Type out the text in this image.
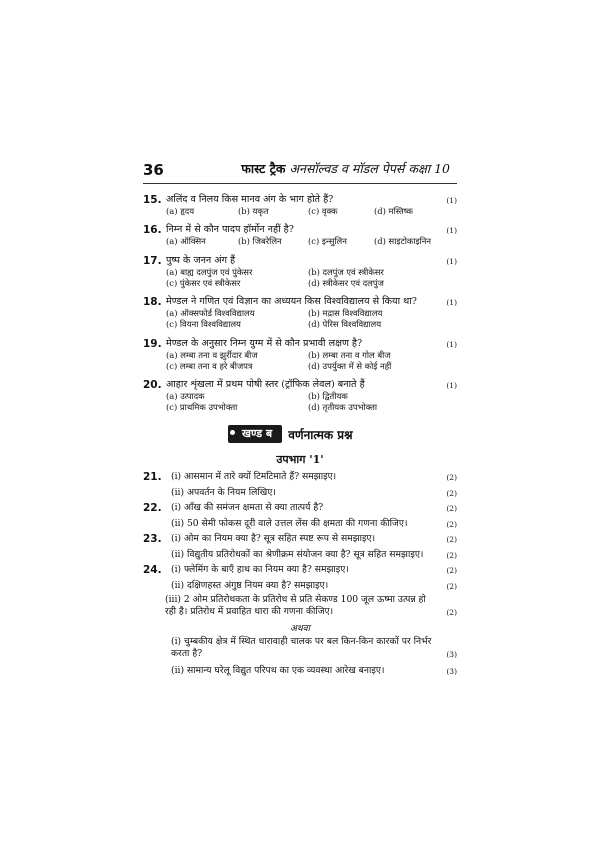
36	फास्ट ट्रैक अनसॉल्वड व मॉडल पेपर्स कक्षा 10
15. अलिंद व निलय किस मानव अंग के भाग होते हैं?	(1)
(a) हृदय	(b) यकृत	(c) वृक्क	(d) मस्तिष्क
16. निम्न में से कौन पादप हॉर्मोन नहीं है?	(1)
(a) ऑक्सिन	(b) जिबरेलिन	(c) इन्सुलिन	(d) साइटोकाइनिन
17. पुष्प के जनन अंग हैं	(1)
(a) बाह्य दलपुंज एवं पुंकेसर	(b) दलपुंज एवं स्त्रीकेसर
(c) पुंकेसर एवं स्त्रीकेसर	(d) स्त्रीकेसर एवं दलपुंज
18. मेण्डल ने गणित एवं विज्ञान का अध्ययन किस विश्वविद्यालय से किया था?	(1)
(a) ऑक्सफोर्ड विश्वविद्यालय	(b) मद्रास विश्वविद्यालय
(c) वियना विश्वविद्यालय	(d) पेरिस विश्वविद्यालय
19. मेण्डल के अनुसार निम्न युग्म में से कौन प्रभावी लक्षण है?	(1)
(a) लम्बा तना व झुर्रीदार बीज	(b) लम्बा तना व गोल बीज
(c) लम्बा तना व हरे बीजपत्र	(d) उपर्युक्त में से कोई नहीं
20. आहार शृंखला में प्रथम पोषी स्तर (ट्रॉफिक लेवल) बनाते हैं	(1)
(a) उत्पादक	(b) द्वितीयक
(c) प्राथमिक उपभोक्ता	(d) तृतीयक उपभोक्ता
खण्ड ब	वर्णनात्मक प्रश्न
उपभाग '1'
21. (i) आसमान में तारे क्यों टिमटिमाते हैं? समझाइए।	(2)
(ii) अपवर्तन के नियम लिखिए।	(2)
22. (i) आँख की समंजन क्षमता से क्या तात्पर्य है?	(2)
(ii) 50 सेमी फोकस दूरी वाले उत्तल लेंस की क्षमता की गणना कीजिए।	(2)
23. (i) ओम का नियम क्या है? सूत्र सहित स्पष्ट रूप से समझाइए।	(2)
(ii) विद्युतीय प्रतिरोधकों का श्रेणीक्रम संयोजन क्या है? सूत्र सहित समझाइए।	(2)
24. (i) फ्लेमिंग के बाएँ हाथ का नियम क्या है? समझाइए।	(2)
(ii) दक्षिणहस्त अंगुष्ठ नियम क्या है? समझाइए।	(2)
(iii) 2 ओम प्रतिरोधकता के प्रतिरोध से प्रति सेकण्ड 100 जूल ऊष्मा उत्पन्न हो रही है। प्रतिरोध में प्रवाहित धारा की गणना कीजिए।	(2)
(i) चुम्बकीय क्षेत्र में स्थित धारावाही चालक पर बल किन-किन कारकों पर निर्भर करता है?	(3)
(ii) सामान्य घरेलू विद्युत परिपथ का एक व्यवस्था आरेख बनाइए।	(3)
अथवा
